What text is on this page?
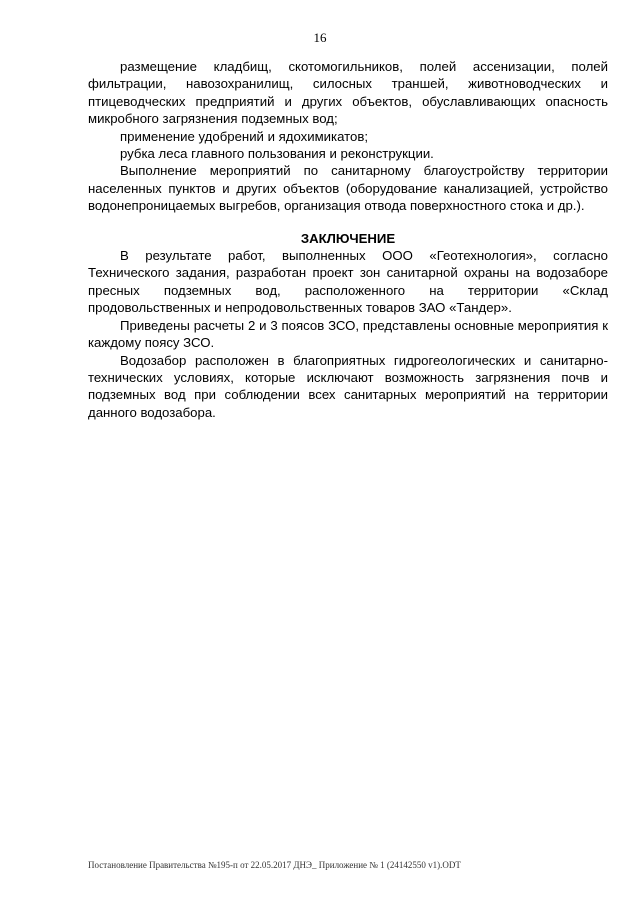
16

размещение кладбищ, скотомогильников, полей ассенизации, полей фильтрации, навозохранилищ, силосных траншей, животноводческих и птицеводческих предприятий и других объектов, обуславливающих опасность микробного загрязнения подземных вод;

применение удобрений и ядохимикатов;

рубка леса главного пользования и реконструкции.

Выполнение мероприятий по санитарному благоустройству территории населенных пунктов и других объектов (оборудование канализацией, устройство водонепроницаемых выгребов, организация отвода поверхностного стока и др.).

ЗАКЛЮЧЕНИЕ

В результате работ, выполненных ООО «Геотехнология», согласно Технического задания, разработан проект зон санитарной охраны на водозаборе пресных подземных вод, расположенного на территории «Склад продовольственных и непродовольственных товаров ЗАО «Тандер».

Приведены расчеты 2 и 3 поясов ЗСО, представлены основные мероприятия к каждому поясу ЗСО.

Водозабор расположен в благоприятных гидрогеологических и санитарно-технических условиях, которые исключают возможность загрязнения почв и подземных вод при соблюдении всех санитарных мероприятий на территории данного водозабора.

Постановление Правительства №195-п от 22.05.2017 ДНЭ_ Приложение № 1 (24142550 v1).ODT
